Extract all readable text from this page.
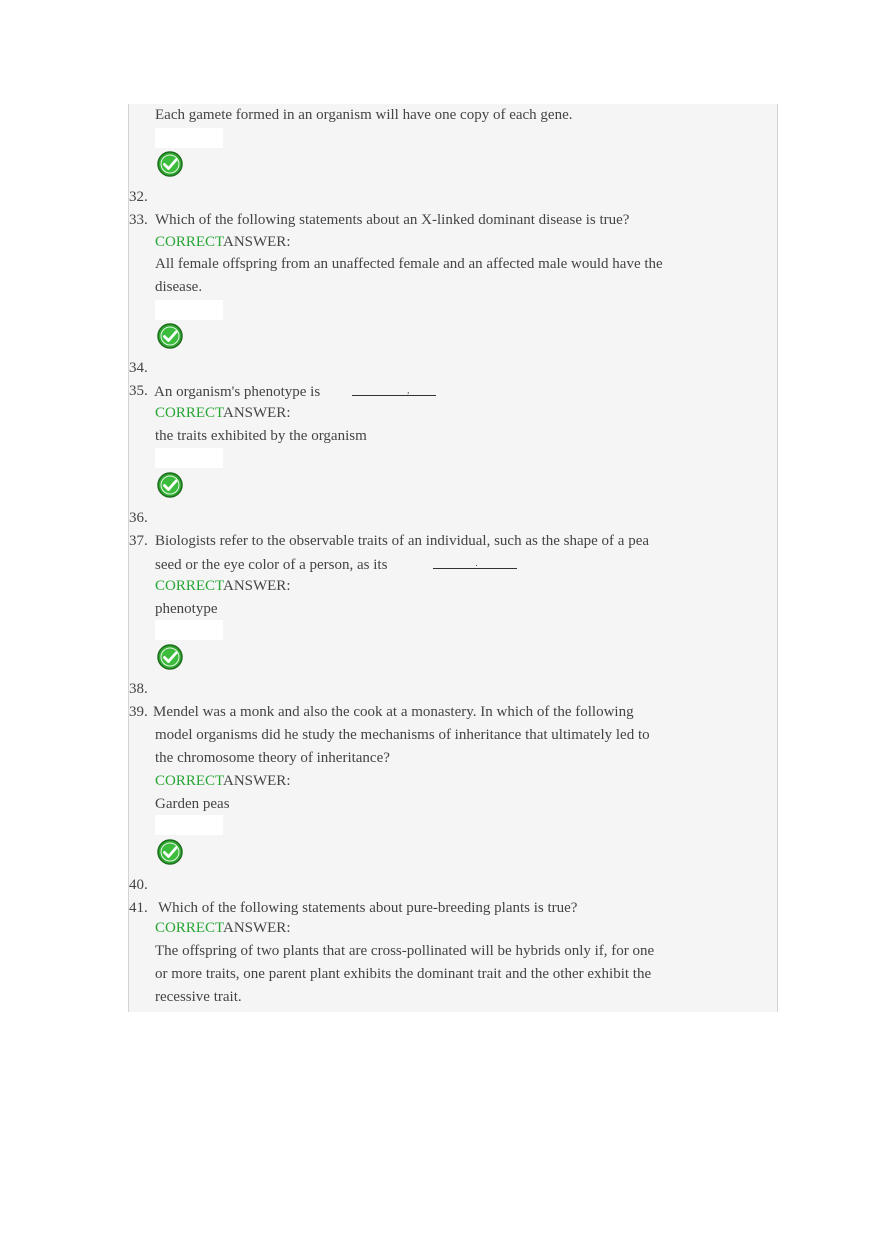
Each gamete formed in an organism will have one copy of each gene.
32.
33. Which of the following statements about an X-linked dominant disease is true?
CORRECTANSWER:
All female offspring from an unaffected female and an affected male would have the
disease.
34.
35. An organism's phenotype is	,
CORRECTANSWER:
the traits exhibited by the organism
36.
37. Biologists refer to the observable traits of an individual, such as the shape of a pea
seed or the eye color of a person, as its	.
CORRECTANSWER:
phenotype
38.
39. Mendel was a monk and also the cook at a monastery. In which of the following
model organisms did he study the mechanisms of inheritance that ultimately led to
the chromosome theory of inheritance?
CORRECTANSWER:
Garden peas
40.
41. Which of the following statements about pure-breeding plants is true?
CORRECTANSWER:
The offspring of two plants that are cross-pollinated will be hybrids only if, for one
or more traits, one parent plant exhibits the dominant trait and the other exhibit the
recessive trait.
